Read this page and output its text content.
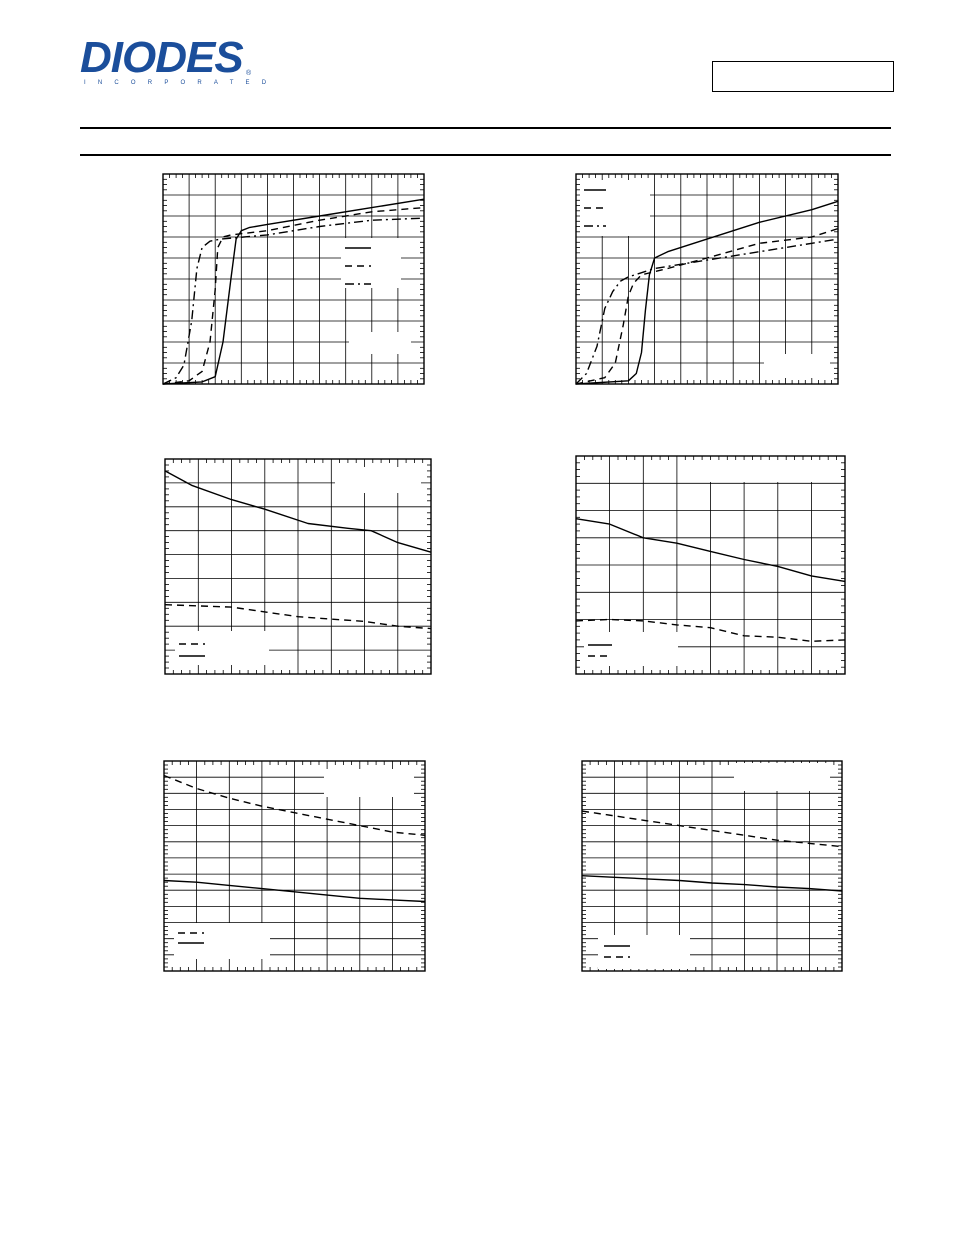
DIODES
INCORPORATED
®
